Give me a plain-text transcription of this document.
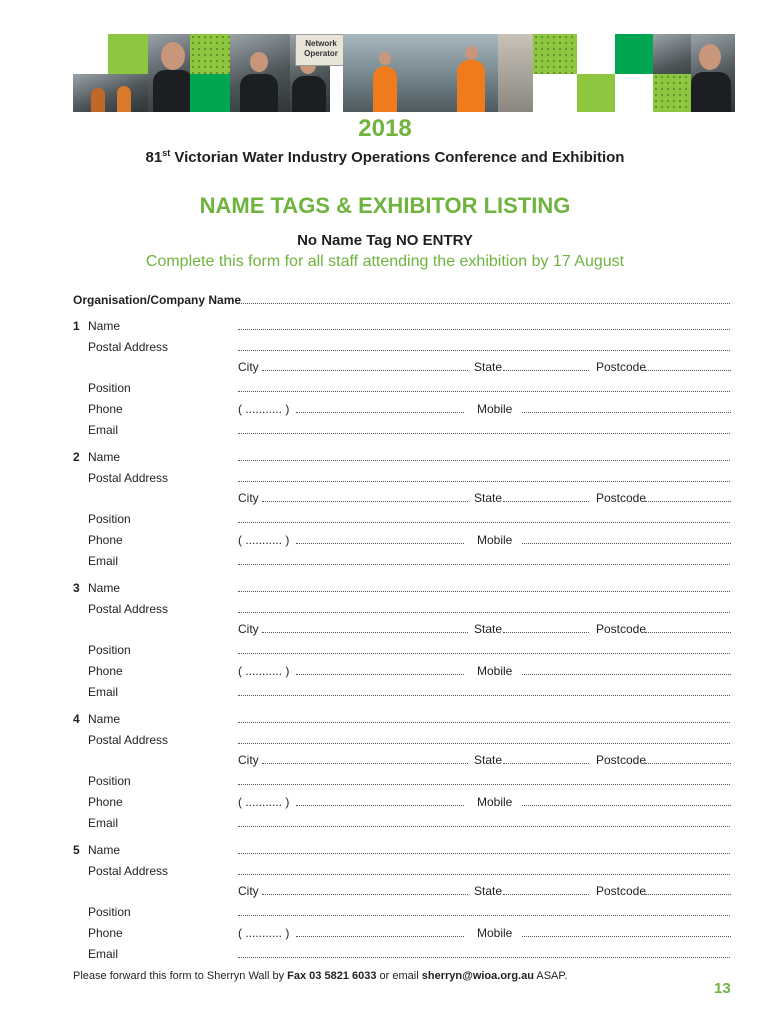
Network Operator
2018
81st Victorian Water Industry Operations Conference and Exhibition
NAME TAGS & EXHIBITOR LISTING
No Name Tag NO ENTRY
Complete this form for all staff attending the exhibition by 17 August
Organisation/Company Name
1 Name
Postal Address
City	State	Postcode
Position
Phone	( ........... )	Mobile
Email
2 Name
Postal Address
City	State	Postcode
Position
Phone	( ........... )	Mobile
Email
3 Name
Postal Address
City	State	Postcode
Position
Phone	( ........... )	Mobile
Email
4 Name
Postal Address
City	State	Postcode
Position
Phone	( ........... )	Mobile
Email
5 Name
Postal Address
City	State	Postcode
Position
Phone	( ........... )	Mobile
Email
Please forward this form to Sherryn Wall by Fax 03 5821 6033 or email sherryn@wioa.org.au ASAP.
13
